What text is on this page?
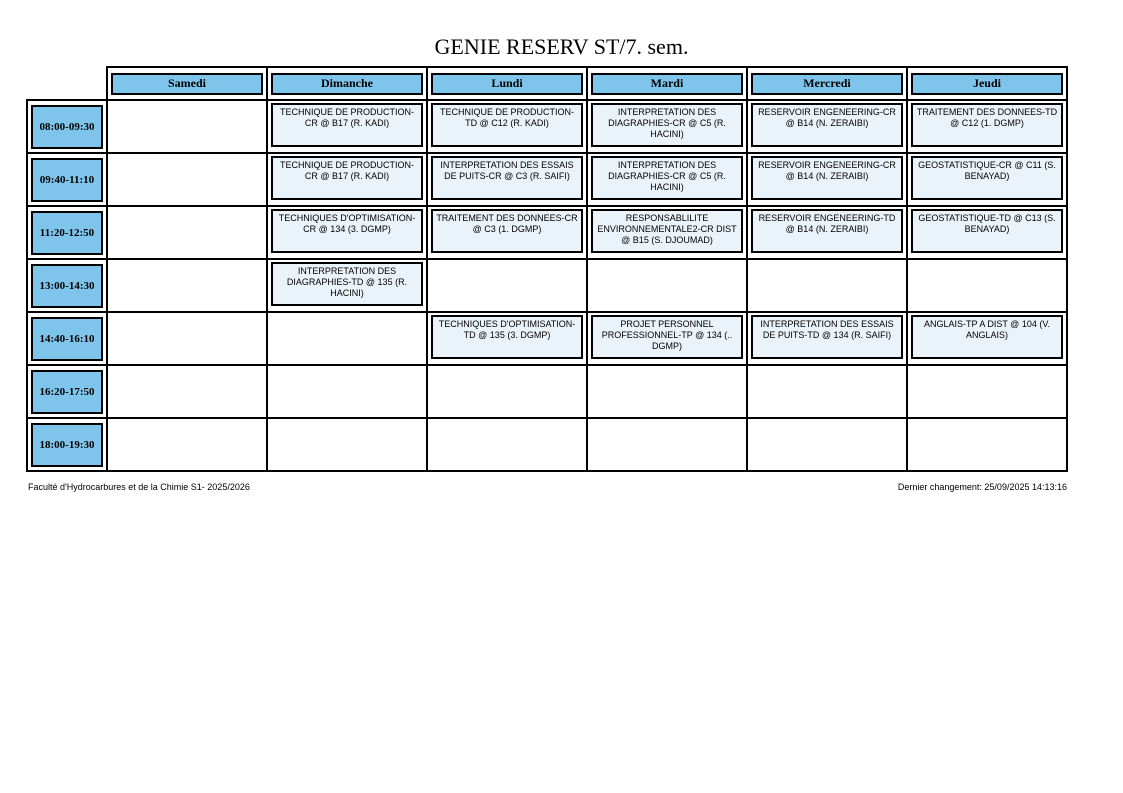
GENIE RESERV ST/7. sem.

Samedi	Dimanche	Lundi	Mardi	Mercredi	Jeudi

08:00-09:30		TECHNIQUE DE PRODUCTION-CR @ B17 (R. KADI)	TECHNIQUE DE PRODUCTION-TD @ C12 (R. KADI)	INTERPRETATION DES DIAGRAPHIES-CR @ C5 (R. HACINI)	RESERVOIR ENGENEERING-CR @ B14 (N. ZERAIBI)	TRAITEMENT DES DONNEES-TD @ C12 (1. DGMP)

09:40-11:10		TECHNIQUE DE PRODUCTION-CR @ B17 (R. KADI)	INTERPRETATION DES ESSAIS DE PUITS-CR @ C3 (R. SAIFI)	INTERPRETATION DES DIAGRAPHIES-CR @ C5 (R. HACINI)	RESERVOIR ENGENEERING-CR @ B14 (N. ZERAIBI)	GEOSTATISTIQUE-CR @ C11 (S. BENAYAD)

11:20-12:50		TECHNIQUES D'OPTIMISATION-CR @ 134 (3. DGMP)	TRAITEMENT DES DONNEES-CR @ C3 (1. DGMP)	RESPONSABLILITE ENVIRONNEMENTALE2-CR DIST @ B15 (S. DJOUMAD)	RESERVOIR ENGENEERING-TD @ B14 (N. ZERAIBI)	GEOSTATISTIQUE-TD @ C13 (S. BENAYAD)

13:00-14:30		INTERPRETATION DES DIAGRAPHIES-TD @ 135 (R. HACINI)				

14:40-16:10			TECHNIQUES D'OPTIMISATION-TD @ 135 (3. DGMP)	PROJET PERSONNEL PROFESSIONNEL-TP @ 134 (.. DGMP)	INTERPRETATION DES ESSAIS DE PUITS-TD @ 134 (R. SAIFI)	ANGLAIS-TP A DIST @ 104 (V. ANGLAIS)

16:20-17:50						

18:00-19:30						

Faculté d'Hydrocarbures et de la Chimie S1- 2025/2026	Dernier changement: 25/09/2025 14:13:16
